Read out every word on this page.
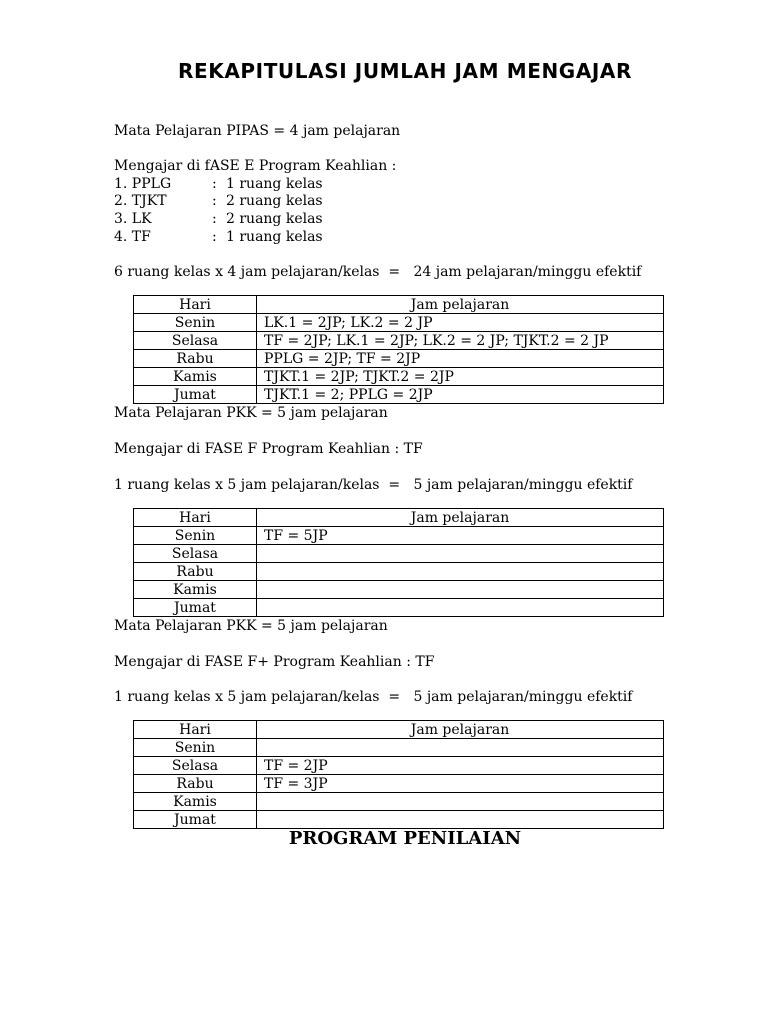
REKAPITULASI JUMLAH JAM MENGAJAR
Mata Pelajaran PIPAS = 4 jam pelajaran
Mengajar di fASE E Program Keahlian :
1. PPLG	: 1 ruang kelas
2. TJKT	: 2 ruang kelas
3. LK	: 2 ruang kelas
4. TF	: 1 ruang kelas
6 ruang kelas x 4 jam pelajaran/kelas  =   24 jam pelajaran/minggu efektif
Hari	Jam pelajaran
Senin	LK.1 = 2JP; LK.2 = 2 JP
Selasa	TF = 2JP; LK.1 = 2JP; LK.2 = 2 JP; TJKT.2 = 2 JP
Rabu	PPLG = 2JP; TF = 2JP
Kamis	TJKT.1 = 2JP; TJKT.2 = 2JP
Jumat	TJKT.1 = 2; PPLG = 2JP
Mata Pelajaran PKK = 5 jam pelajaran
Mengajar di FASE F Program Keahlian : TF
1 ruang kelas x 5 jam pelajaran/kelas  =   5 jam pelajaran/minggu efektif
Hari	Jam pelajaran
Senin	TF = 5JP
Selasa	
Rabu	
Kamis	
Jumat	
Mata Pelajaran PKK = 5 jam pelajaran
Mengajar di FASE F+ Program Keahlian : TF
1 ruang kelas x 5 jam pelajaran/kelas  =   5 jam pelajaran/minggu efektif
Hari	Jam pelajaran
Senin	
Selasa	TF = 2JP
Rabu	TF = 3JP
Kamis	
Jumat	
PROGRAM PENILAIAN
